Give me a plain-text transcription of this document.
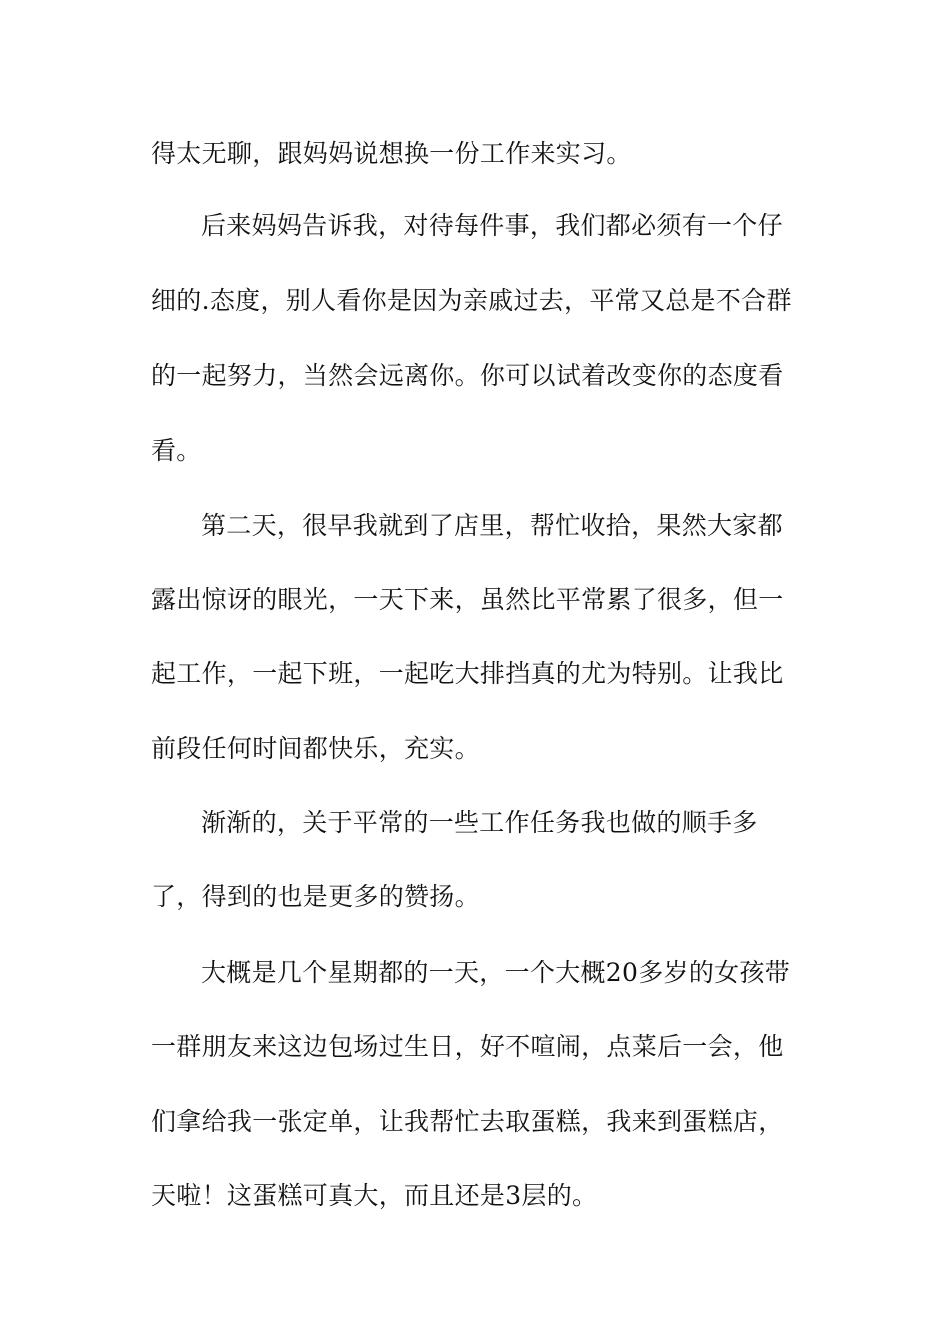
得太无聊，跟妈妈说想换一份工作来实习。
后来妈妈告诉我，对待每件事，我们都必须有一个仔
细的.态度，别人看你是因为亲戚过去，平常又总是不合群
的一起努力，当然会远离你。你可以试着改变你的态度看
看。
第二天，很早我就到了店里，帮忙收拾，果然大家都
露出惊讶的眼光，一天下来，虽然比平常累了很多，但一
起工作，一起下班，一起吃大排挡真的尤为特别。让我比
前段任何时间都快乐，充实。
渐渐的，关于平常的一些工作任务我也做的顺手多
了，得到的也是更多的赞扬。
大概是几个星期都的一天，一个大概20多岁的女孩带
一群朋友来这边包场过生日，好不喧闹，点菜后一会，他
们拿给我一张定单，让我帮忙去取蛋糕，我来到蛋糕店，
天啦！这蛋糕可真大，而且还是3层的。
